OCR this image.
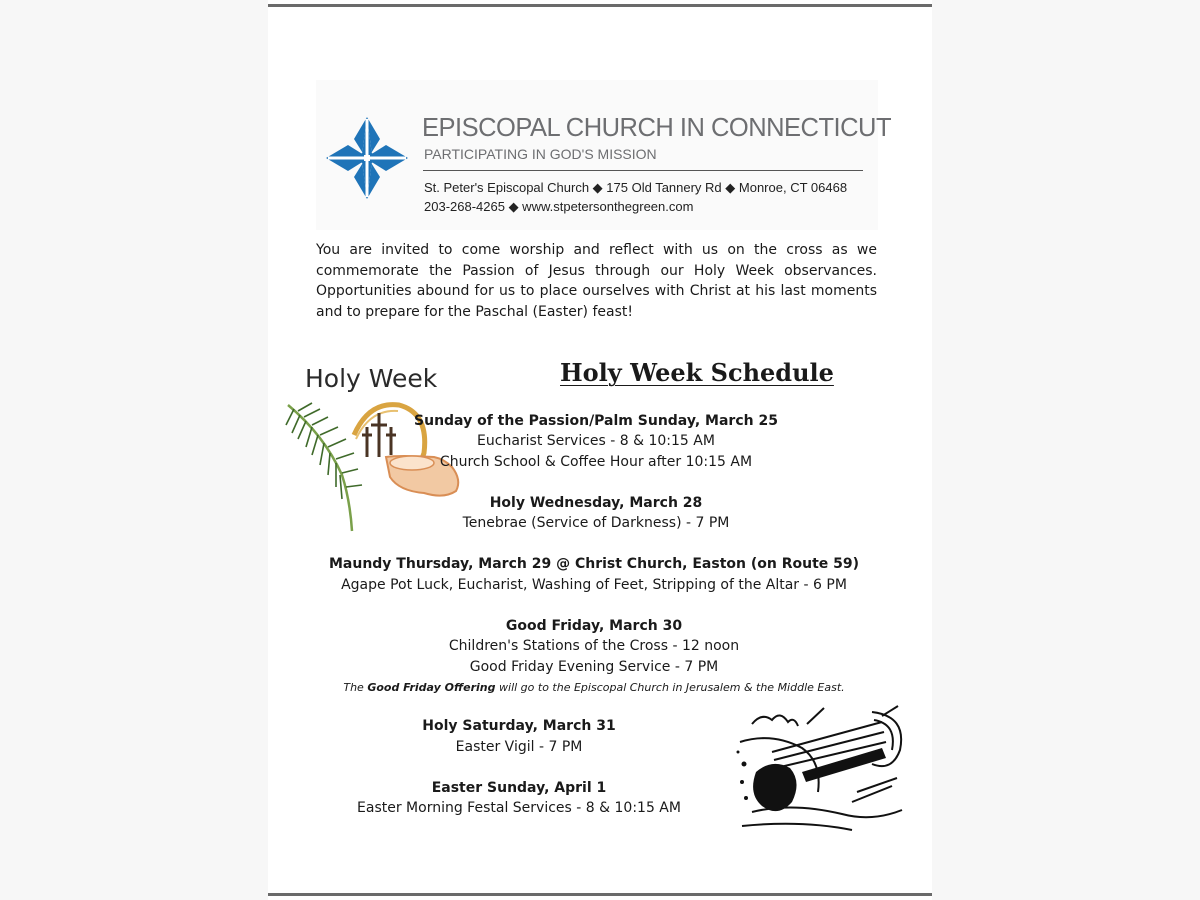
EPISCOPAL CHURCH IN CONNECTICUT
PARTICIPATING IN GOD'S MISSION
St. Peter's Episcopal Church ◆ 175 Old Tannery Rd ◆ Monroe, CT 06468
203-268-4265 ◆ www.stpetersonthegreen.com
You are invited to come worship and reflect with us on the cross as we commemorate the Passion of Jesus through our Holy Week observances. Opportunities abound for us to place ourselves with Christ at his last moments and to prepare for the Paschal (Easter) feast!
Holy Week	Holy Week Schedule
Sunday of the Passion/Palm Sunday, March 25
Eucharist Services - 8 & 10:15 AM
Church School & Coffee Hour after 10:15 AM
Holy Wednesday, March 28
Tenebrae (Service of Darkness) - 7 PM
Maundy Thursday, March 29 @ Christ Church, Easton (on Route 59)
Agape Pot Luck, Eucharist, Washing of Feet, Stripping of the Altar - 6 PM
Good Friday, March 30
Children's Stations of the Cross - 12 noon
Good Friday Evening Service - 7 PM
The Good Friday Offering will go to the Episcopal Church in Jerusalem & the Middle East.
Holy Saturday, March 31
Easter Vigil - 7 PM
Easter Sunday, April 1
Easter Morning Festal Services - 8 & 10:15 AM
